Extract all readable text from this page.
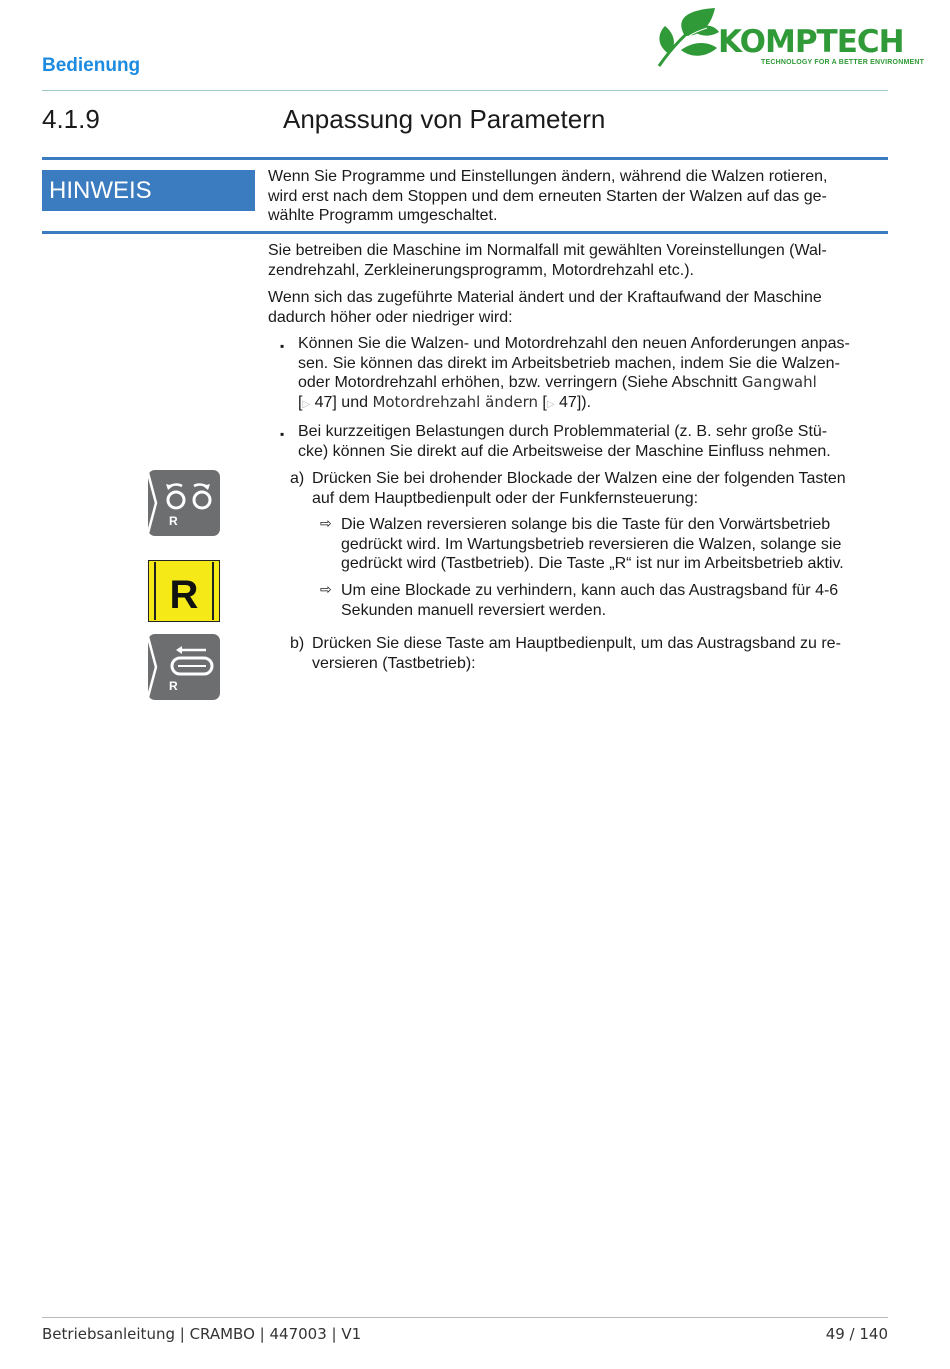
Bedienung
KOMPTECH
TECHNOLOGY FOR A BETTER ENVIRONMENT
4.1.9	Anpassung von Parametern
HINWEIS

Wenn Sie Programme und Einstellungen ändern, während die Walzen rotieren,

wird erst nach dem Stoppen und dem erneuten Starten der Walzen auf das ge-

wählte Programm umgeschaltet.

Sie betreiben die Maschine im Normalfall mit gewählten Voreinstellungen (Wal-

zendrehzahl, Zerkleinerungsprogramm, Motordrehzahl etc.).

Wenn sich das zugeführte Material ändert und der Kraftaufwand der Maschine

dadurch höher oder niedriger wird:

▪ Können Sie die Walzen- und Motordrehzahl den neuen Anforderungen anpas-

sen. Sie können das direkt im Arbeitsbetrieb machen, indem Sie die Walzen-

oder Motordrehzahl erhöhen, bzw. verringern (Siehe Abschnitt Gangwahl

[▷ 47] und Motordrehzahl ändern [▷ 47]).

▪ Bei kurzzeitigen Belastungen durch Problemmaterial (z. B. sehr große Stü-

cke) können Sie direkt auf die Arbeitsweise der Maschine Einfluss nehmen.

a) Drücken Sie bei drohender Blockade der Walzen eine der folgenden Tasten

auf dem Hauptbedienpult oder der Funkfernsteuerung:

⇨ Die Walzen reversieren solange bis die Taste für den Vorwärtsbetrieb

gedrückt wird. Im Wartungsbetrieb reversieren die Walzen, solange sie

gedrückt wird (Tastbetrieb). Die Taste „R“ ist nur im Arbeitsbetrieb aktiv.

⇨ Um eine Blockade zu verhindern, kann auch das Austragsband für 4-6

Sekunden manuell reversiert werden.

b) Drücken Sie diese Taste am Hauptbedienpult, um das Austragsband zu re-

versieren (Tastbetrieb):

R
R
R
Betriebsanleitung | CRAMBO | 447003 | V1	49 / 140
